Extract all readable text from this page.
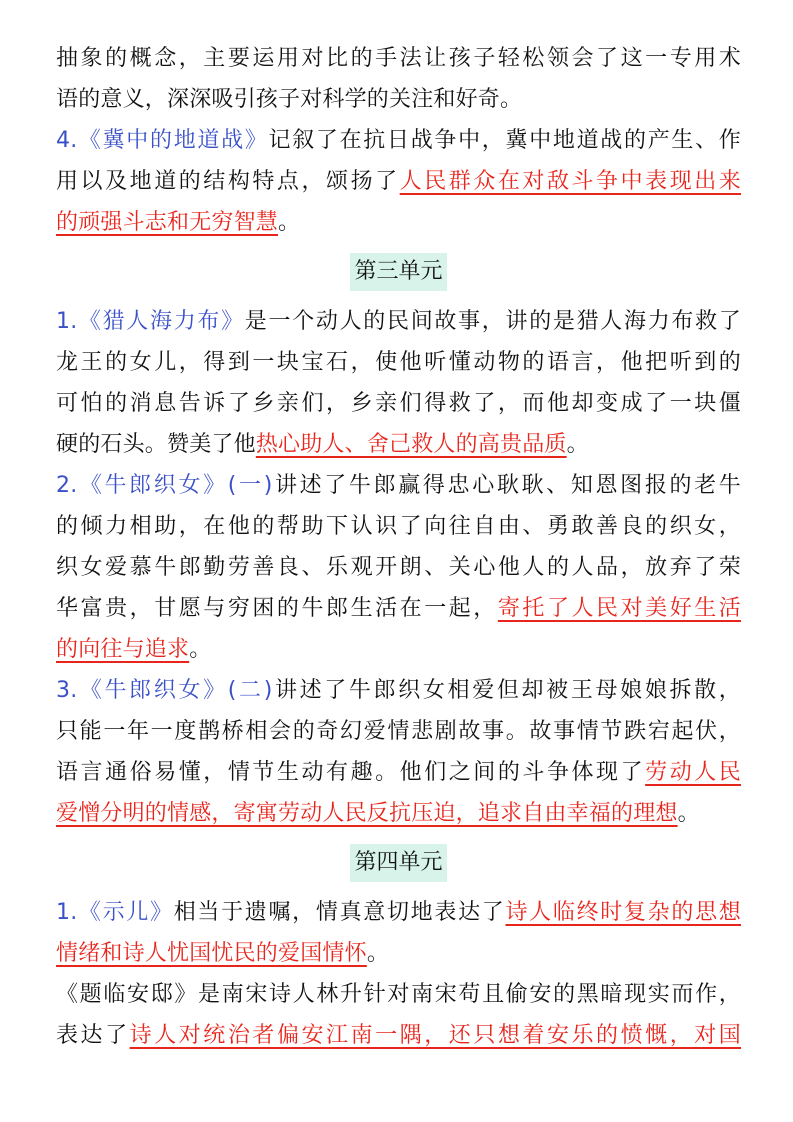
抽象的概念，主要运用对比的手法让孩子轻松领会了这一专用术
语的意义，深深吸引孩子对科学的关注和好奇。
4.《冀中的地道战》记叙了在抗日战争中，冀中地道战的产生、作
用以及地道的结构特点，颂扬了人民群众在对敌斗争中表现出来
的顽强斗志和无穷智慧。
第三单元
1.《猎人海力布》是一个动人的民间故事，讲的是猎人海力布救了
龙王的女儿，得到一块宝石，使他听懂动物的语言，他把听到的
可怕的消息告诉了乡亲们，乡亲们得救了，而他却变成了一块僵
硬的石头。赞美了他热心助人、舍己救人的高贵品质。
2.《牛郎织女》(一)讲述了牛郎赢得忠心耿耿、知恩图报的老牛
的倾力相助，在他的帮助下认识了向往自由、勇敢善良的织女，
织女爱慕牛郎勤劳善良、乐观开朗、关心他人的人品，放弃了荣
华富贵，甘愿与穷困的牛郎生活在一起，寄托了人民对美好生活
的向往与追求。
3.《牛郎织女》(二)讲述了牛郎织女相爱但却被王母娘娘拆散，
只能一年一度鹊桥相会的奇幻爱情悲剧故事。故事情节跌宕起伏，
语言通俗易懂，情节生动有趣。他们之间的斗争体现了劳动人民
爱憎分明的情感，寄寓劳动人民反抗压迫，追求自由幸福的理想。
第四单元
1.《示儿》相当于遗嘱，情真意切地表达了诗人临终时复杂的思想
情绪和诗人忧国忧民的爱国情怀。
《题临安邸》是南宋诗人林升针对南宋苟且偷安的黑暗现实而作，
表达了诗人对统治者偏安江南一隅，还只想着安乐的愤慨，对国
